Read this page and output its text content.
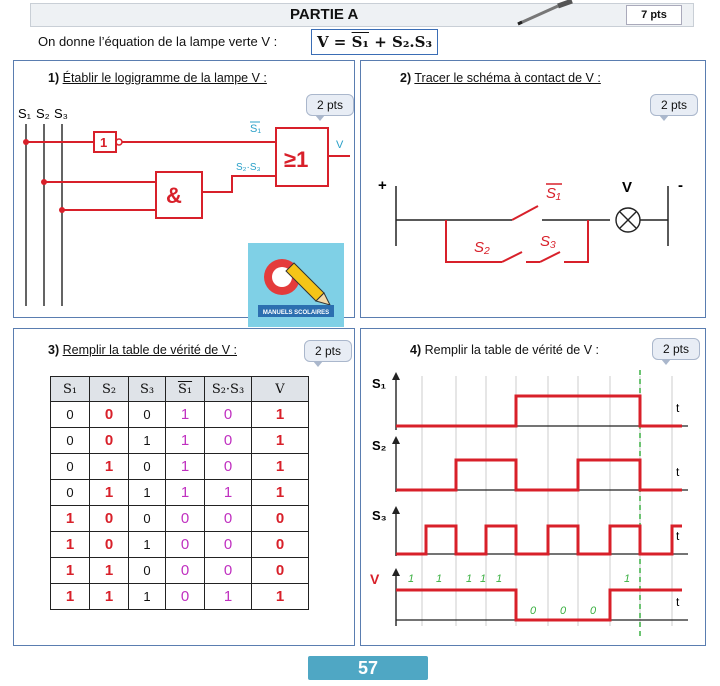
PARTIE A	7 pts
On donne l’équation de la lampe verte V :	V = S₁ + S₂.S₃
1) Établir le logigramme de la lampe V :
2 pts
S₁ S₂ S₃
1
S₁
&
S₂·S₃ ≥1
V
MANUELS SCOLAIRES
2) Tracer le schéma à contact de V :
2 pts
+	-
S₁	V
S₂	S₃
3) Remplir la table de vérité de V :	2 pts
S₁	S₂	S₃	S₁	S₂·S₃	V
0	0	0	1	0	1
0	0	1	1	0	1
0	1	0	1	0	1
0	1	1	1	1	1
1	0	0	0	0	0
1	0	1	0	0	0
1	1	0	0	0	0
1	1	1	0	1	1
4) Remplir la table de vérité de V :	2 pts
S₁
t
S₂
t
S₃
t
V
t
1 1 1 1 1	1
0 0 0
57
